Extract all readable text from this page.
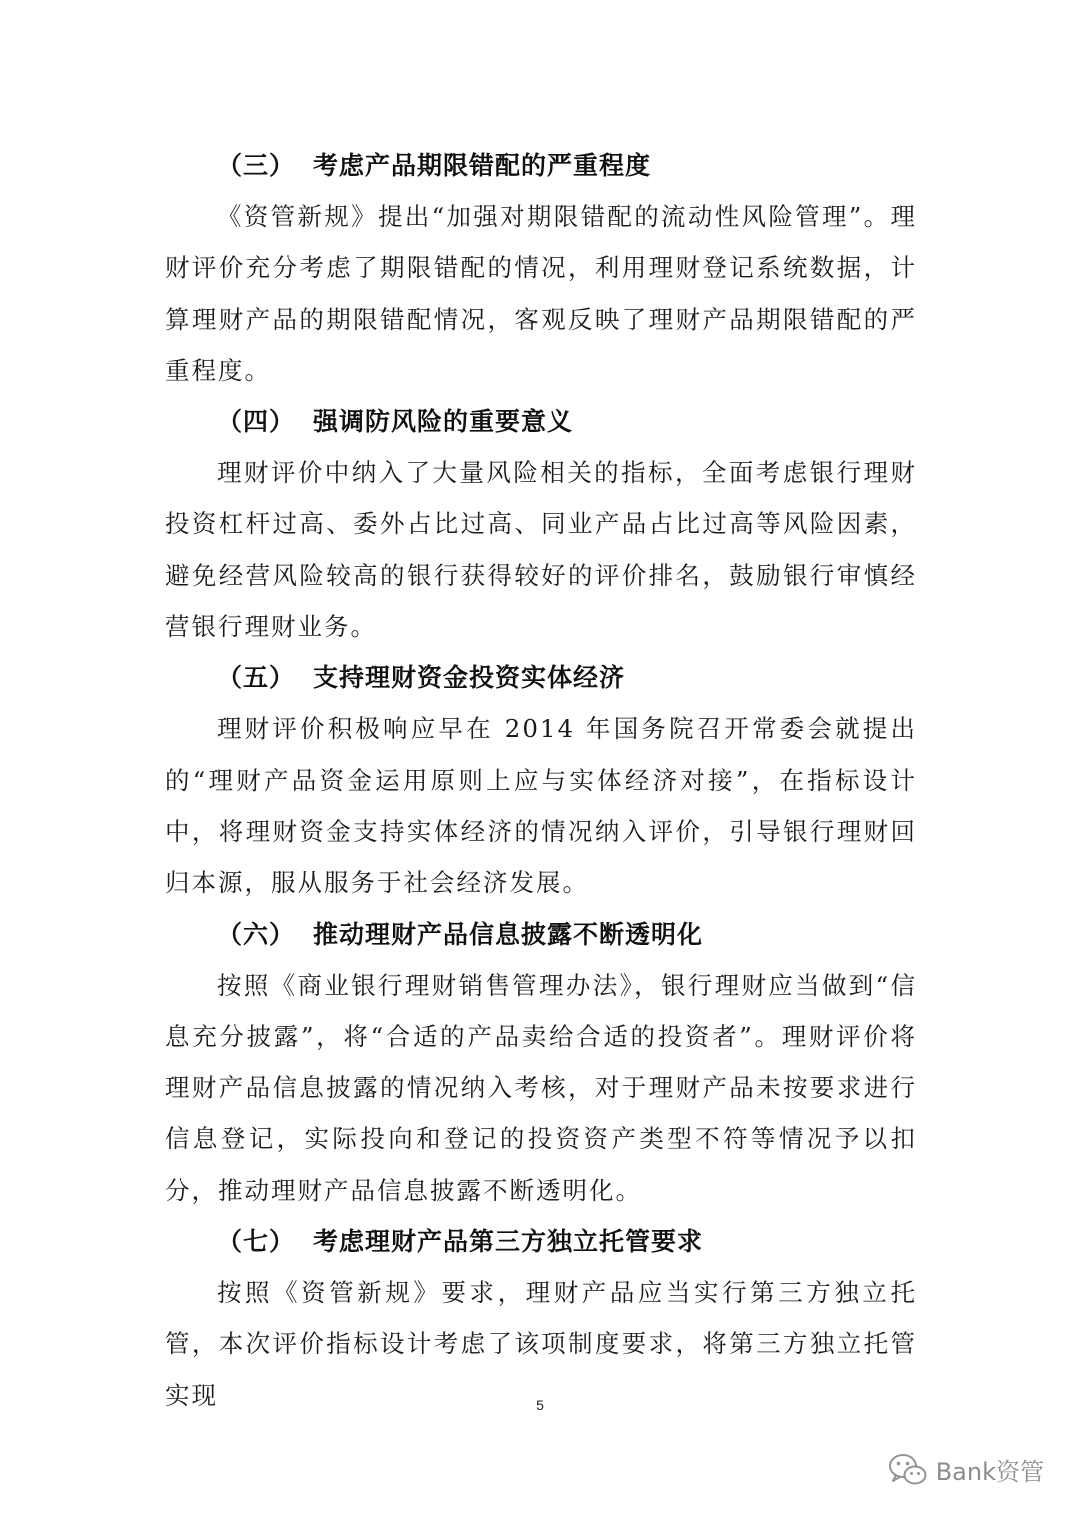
（三） 考虑产品期限错配的严重程度

《资管新规》提出“加强对期限错配的流动性风险管理”。理财评价充分考虑了期限错配的情况，利用理财登记系统数据，计算理财产品的期限错配情况，客观反映了理财产品期限错配的严重程度。

（四） 强调防风险的重要意义

理财评价中纳入了大量风险相关的指标，全面考虑银行理财投资杠杆过高、委外占比过高、同业产品占比过高等风险因素，避免经营风险较高的银行获得较好的评价排名，鼓励银行审慎经营银行理财业务。

（五） 支持理财资金投资实体经济

理财评价积极响应早在 2014 年国务院召开常委会就提出的“理财产品资金运用原则上应与实体经济对接”，在指标设计中，将理财资金支持实体经济的情况纳入评价，引导银行理财回归本源，服从服务于社会经济发展。

（六） 推动理财产品信息披露不断透明化

按照《商业银行理财销售管理办法》，银行理财应当做到“信息充分披露”，将“合适的产品卖给合适的投资者”。理财评价将理财产品信息披露的情况纳入考核，对于理财产品未按要求进行信息登记，实际投向和登记的投资资产类型不符等情况予以扣分，推动理财产品信息披露不断透明化。

（七） 考虑理财产品第三方独立托管要求

按照《资管新规》要求，理财产品应当实行第三方独立托管，本次评价指标设计考虑了该项制度要求，将第三方独立托管实现	5
Bank资管
